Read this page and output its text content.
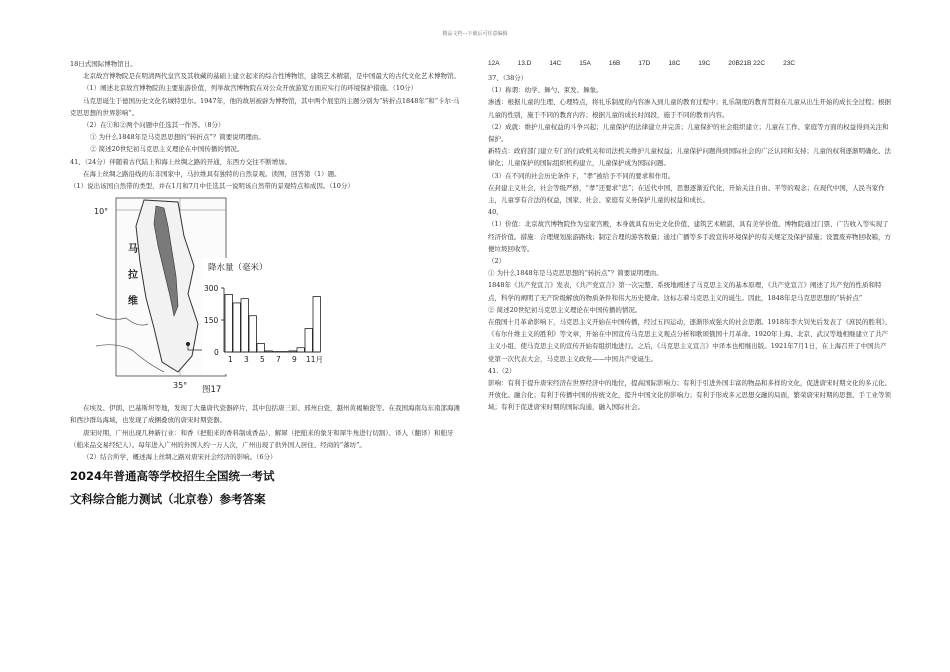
精品文档---下载后可任意编辑

18日式国际博物馆日。

北京故宫博物院是在明清两代皇宫及其收藏的基础上建立起来的综合性博物馆，建筑艺术精湛，是中国最大的古代文化艺术博物馆。

（1）阐述北京故宫博物院的主要旅游价值，列举故宫博物院在对公众开放游览方面应实行的环境保护措施。（10分）

马克思诞生于德国历史文化名城特里尔。1947年，他的故居被辟为博物馆，其中两个展室的主题分别为“转折点1848年”和“卡尔·马克思思想的世界影响”。

（2）在①和②两个问题中任选其一作答。（8分）

① 为什么1848年是马克思思想的“转折点”？简要说明理由。

② 简述20世纪初马克思主义理论在中国传播的情况。

41、（24分）伴随着古代陆上和海上丝绸之路的开通，东西方交往不断增加。

在海上丝绸之路沿线的东非国家中，马拉维具有独特的自然景观。读图，回答第（1）题。

（1）说出该国自然带的类型，并在1月和7月中任选其一说明该自然带的景观特点和成因。（10分）

10°
马
拉
维
35°
降水量（毫米）
300
150
0
1 3 5 7 9 11月
图17

在埃及、伊朗、巴基斯坦等地，发现了大量唐代瓷器碎片，其中包括唐三彩、邢州白瓷，越州黄褐釉瓷等。在我国海南岛东南部海滩和西沙群岛海域，也发现了成捆叠放的唐宋时期瓷器。

唐宋时期，广州出现几种新行业：和香（把舶来的香料制成香品）、解犀（把舶来的象牙和犀牛角进行切割）、译人（翻译）和舶牙（舶来品交易经纪人）。每年进入广州的外国人约一万人次，广州出现了供外国人居住、经商的“蕃坊”。

（2）结合所学，概述海上丝绸之路对唐宋社会经济的影响。（6分）

2024年普通高等学校招生全国统一考试
文科综合能力测试（北京卷）参考答案
12A	13.D	14C	15A	16B	17D	18C	19C	20B21B 22C	23C

37、（38分）

（1）称谓：幼学、舞勺、束发、舞象。

渗透：根据儿童的生理、心理特点，将礼乐制度的内容渗入到儿童的教育过程中；礼乐制度的教育贯彻在儿童从出生开始的成长全过程；根据儿童的性别，施于不同的教育内容；根据儿童的成长时间段，施于不同的教育内容。

（2）成就：维护儿童权益的斗争兴起；儿童保护的法律建立并完善；儿童保护的社会组织建立；儿童在工作、家庭等方面的权益得到关注和保护。

新特点：政府部门建立专门的行政机关和司法机关维护儿童权益；儿童保护问题得到国际社会的广泛认同和支持；儿童的权利逐渐明确化、法律化；儿童保护的国际组织机构建立，儿童保护成为国际问题。

（3）在不同的社会历史条件下，“孝”被给予不同的要求和作用。

在封建主义社会，社会等级严格，“孝”还要求“忠”；在近代中国，思想逐渐近代化，开始关注自由、平等的观念；在现代中国，人民当家作主，儿童享有合法的权益，国家、社会、家庭有义务保护儿童的权益和成长。

40、

（1）价值：北京故宫博物院作为皇家宫殿，本身就具有历史文化价值、建筑艺术精湛，具有美学价值。博物院通过门票、广告收入等实现了经济价值。措施：合理规划旅游路线；制定合理的游客数量；通过广播等多手段宣传环境保护的有关规定及保护措施；设置废弃物回收箱，方便垃圾回收等。

（2）

① 为什么1848年是马克思思想的“转折点”？简要说明理由。

1848年《共产党宣言》发表，《共产党宣言》第一次完整、系统地阐述了马克思主义的基本原理，《共产党宣言》阐述了共产党的性质和特点，科学的阐明了无产阶级解放的物质条件和伟大历史使命。这标志着马克思主义的诞生。因此，1848年是马克思思想的“转折点”

② 简述20世纪初马克思主义理论在中国传播的情况。

在俄国十月革命影响下，马克思主义开始在中国传播，经过五四运动，逐渐形成强大的社会思潮。1918年李大钊先后发表了《庶民的胜利》、《布尔什维主义的胜利》等文章，开始在中国宣传马克思主义观点分析和歌颂俄国十月革命。1920年上海、北京、武汉等地相继建立了共产主义小组，使马克思主义的宣传开始有组织地进行。之后，《马克思主义宣言》中译本也相继出版。1921年7月1日，在上海召开了中国共产党第一次代表大会，马克思主义政党——中国共产党诞生。

41.（2）

影响：有利于提升唐宋经济在世界经济中的地位，提高国际影响力；有利于引进外国丰富的物品和多样的文化，促进唐宋时期文化的多元化、开放化。融合化；有利于传播中国的传统文化，提升中国文化的影响力；有利于形成多元思想交融的局面，繁荣唐宋时期的思想、手工业等领域；有利于促进唐宋时期的国际沟通，融入国际社会。
